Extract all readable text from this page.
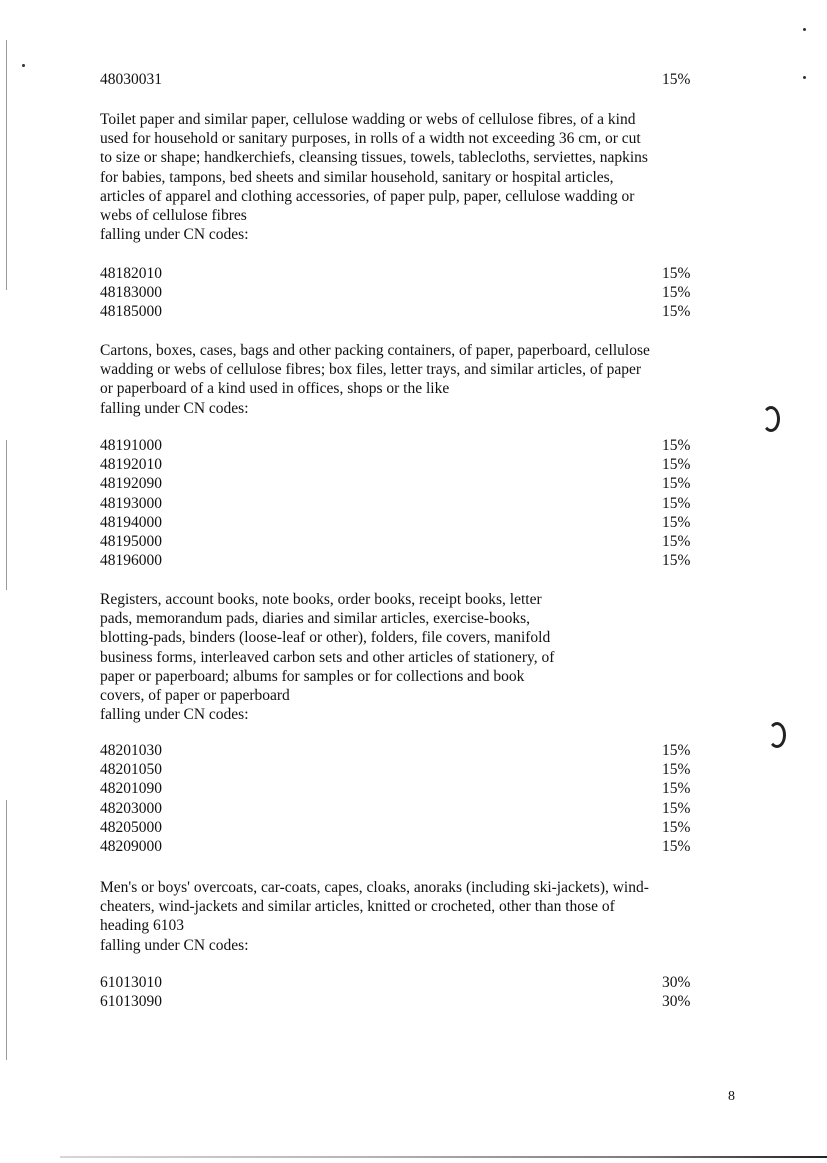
48030031	15%
Toilet paper and similar paper, cellulose wadding or webs of cellulose fibres, of a kind
used for household or sanitary purposes, in rolls of a width not exceeding 36 cm, or cut
to size or shape; handkerchiefs, cleansing tissues, towels, tablecloths, serviettes, napkins
for babies, tampons, bed sheets and similar household, sanitary or hospital articles,
articles of apparel and clothing accessories, of paper pulp, paper, cellulose wadding or
webs of cellulose fibres
falling under CN codes:
48182010	15%
48183000	15%
48185000	15%
Cartons, boxes, cases, bags and other packing containers, of paper, paperboard, cellulose
wadding or webs of cellulose fibres; box files, letter trays, and similar articles, of paper
or paperboard of a kind used in offices, shops or the like
falling under CN codes:
48191000	15%
48192010	15%
48192090	15%
48193000	15%
48194000	15%
48195000	15%
48196000	15%
Registers, account books, note books, order books, receipt books, letter
pads, memorandum pads, diaries and similar articles, exercise-books,
blotting-pads, binders (loose-leaf or other), folders, file covers, manifold
business forms, interleaved carbon sets and other articles of stationery, of
paper or paperboard; albums for samples or for collections and book
covers, of paper or paperboard
falling under CN codes:
48201030	15%
48201050	15%
48201090	15%
48203000	15%
48205000	15%
48209000	15%
Men's or boys' overcoats, car-coats, capes, cloaks, anoraks (including ski-jackets), wind-
cheaters, wind-jackets and similar articles, knitted or crocheted, other than those of
heading 6103
falling under CN codes:
61013010	30%
61013090	30%
8
